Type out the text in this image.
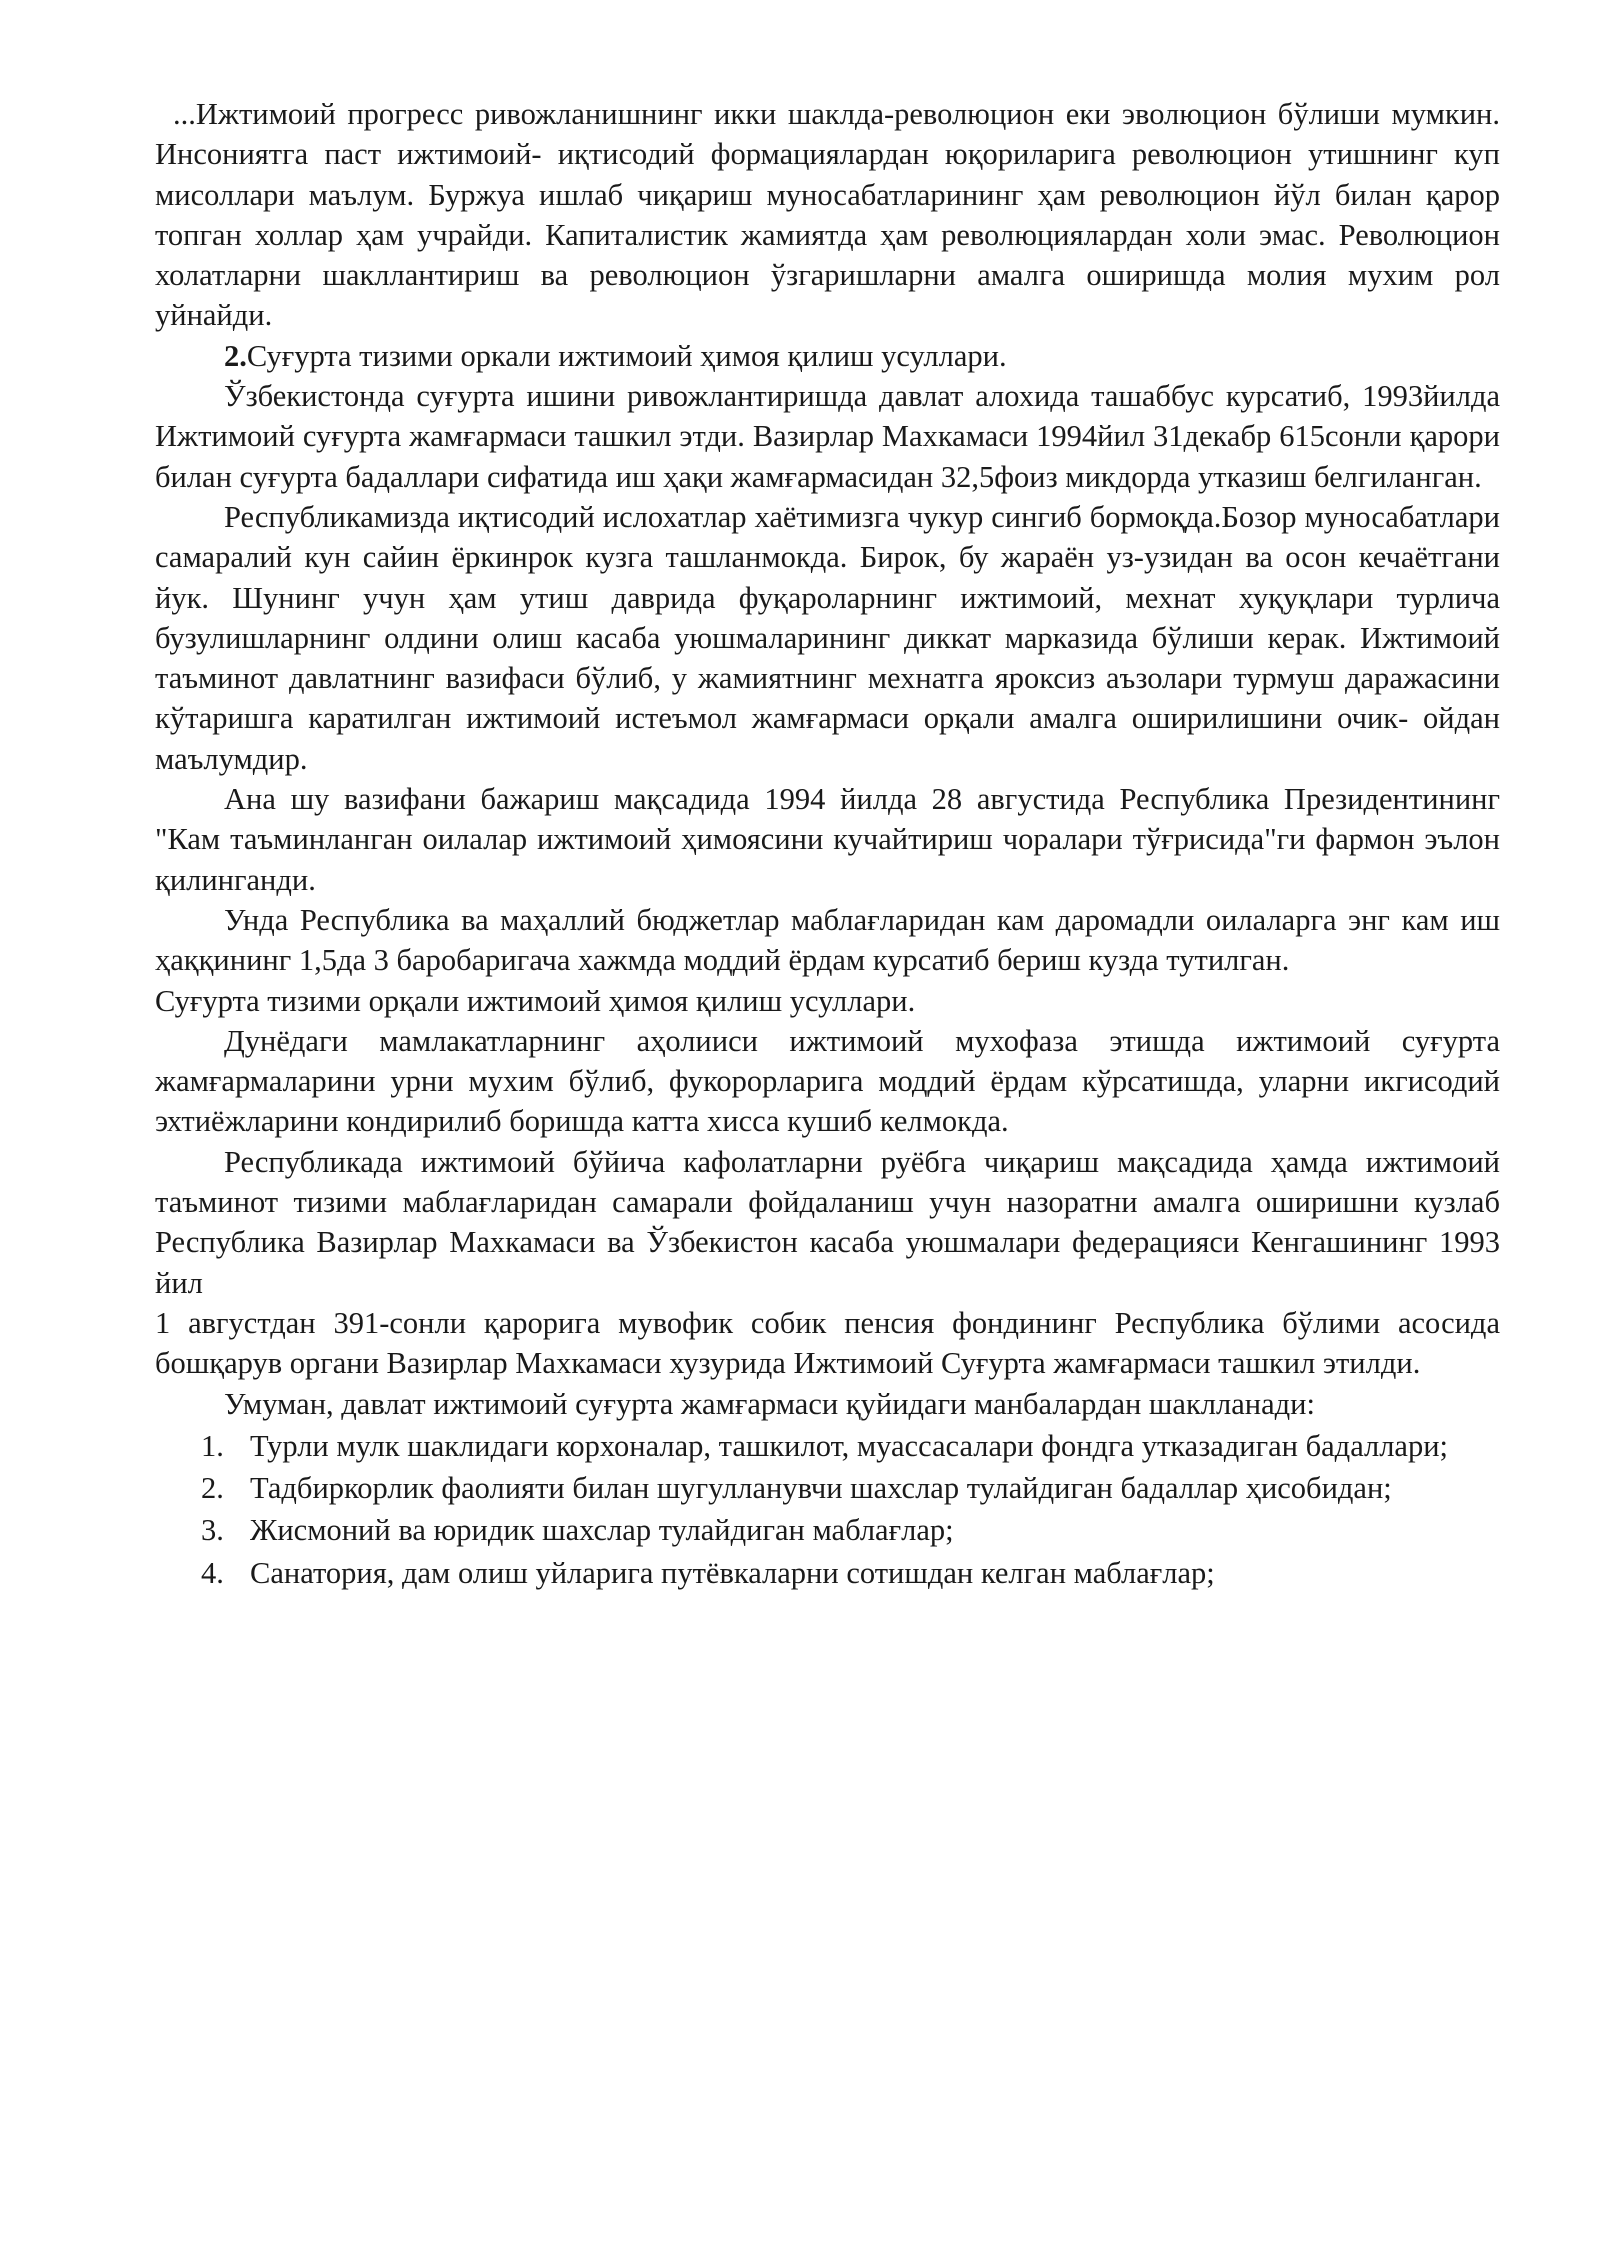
...Ижтимоий прогресс ривожланишнинг икки шаклда-революцион еки эволюцион бўлиши мумкин. Инсониятга паст ижтимоий- иқтисодий формациялардан юқориларига революцион утишнинг куп мисоллари маълум. Буржуа ишлаб чиқариш муносабатларининг ҳам революцион йўл билан қарор топган холлар ҳам учрайди. Капиталистик жамиятда ҳам революциялардан холи эмас. Революцион холатларни шакллантириш ва революцион ўзгаришларни амалга оширишда молия мухим рол уйнайди.

2.Суғурта тизими оркали ижтимоий ҳимоя қилиш усуллари.

Ўзбекистонда суғурта ишини ривожлантиришда давлат алохида ташаббус курсатиб, 1993йилда Ижтимоий суғурта жамғармаси ташкил этди. Вазирлар Махкамаси 1994йил 31декабр 615сонли қарори билан суғурта бадаллари сифатида иш ҳақи жамғармасидан 32,5фоиз микдорда утказиш белгиланган.

Республикамизда иқтисодий ислохатлар хаётимизга чукур сингиб бормоқда.Бозор муносабатлари самаралий кун сайин ёркинрок кузга ташланмокда. Бирок, бу жараён уз-узидан ва осон кечаётгани йук. Шунинг учун ҳам утиш даврида фуқароларнинг ижтимоий, мехнат хуқуқлари турлича бузулишларнинг олдини олиш касаба уюшмаларининг диккат марказида бўлиши керак. Ижтимоий таъминот давлатнинг вазифаси бўлиб, у жамиятнинг мехнатга яроксиз аъзолари турмуш даражасини кўтаришга каратилган ижтимоий истеъмол жамғармаси орқали амалга оширилишини очик- ойдан маълумдир.

Ана шу вазифани бажариш мақсадида 1994 йилда 28 августида Республика Президентининг "Кам таъминланган оилалар ижтимоий ҳимоясини кучайтириш чоралари тўғрисида"ги фармон эълон қилинганди.

Унда Республика ва маҳаллий бюджетлар маблағларидан кам даромадли оилаларга энг кам иш ҳаққининг 1,5да 3 баробаригача хажмда моддий ёрдам курсатиб бериш кузда тутилган.

Суғурта тизими орқали ижтимоий ҳимоя қилиш усуллари.

Дунёдаги мамлакатларнинг аҳолииси ижтимоий мухофаза этишда ижтимоий суғурта жамғармаларини урни мухим бўлиб, фукорорларига моддий ёрдам кўрсатишда, уларни икгисодий эхтиёжларини кондирилиб боришда катта хисса кушиб келмокда.

Республикада ижтимоий бўйича кафолатларни руёбга чиқариш мақсадида ҳамда ижтимоий таъминот тизими маблағларидан самарали фойдаланиш учун назоратни амалга оширишни кузлаб Республика Вазирлар Махкамаси ва Ўзбекистон касаба уюшмалари федерацияси Кенгашининг 1993 йил

1 августдан 391-сонли қарорига мувофик собик пенсия фондининг Республика бўлими асосида бошқарув органи Вазирлар Махкамаси хузурида Ижтимоий Суғурта жамғармаси ташкил этилди.

Умуман, давлат ижтимоий суғурта жамғармаси қуйидаги манбалардан шаклланади:

1. Турли мулк шаклидаги корхоналар, ташкилот, муассасалари фондга утказадиган бадаллари;
2. Тадбиркорлик фаолияти билан шугулланувчи шахслар тулайдиган бадаллар ҳисобидан;
3. Жисмоний ва юридик шахслар тулайдиган маблағлар;
4. Санатория, дам олиш уйларига путёвкаларни сотишдан келган маблағлар;
